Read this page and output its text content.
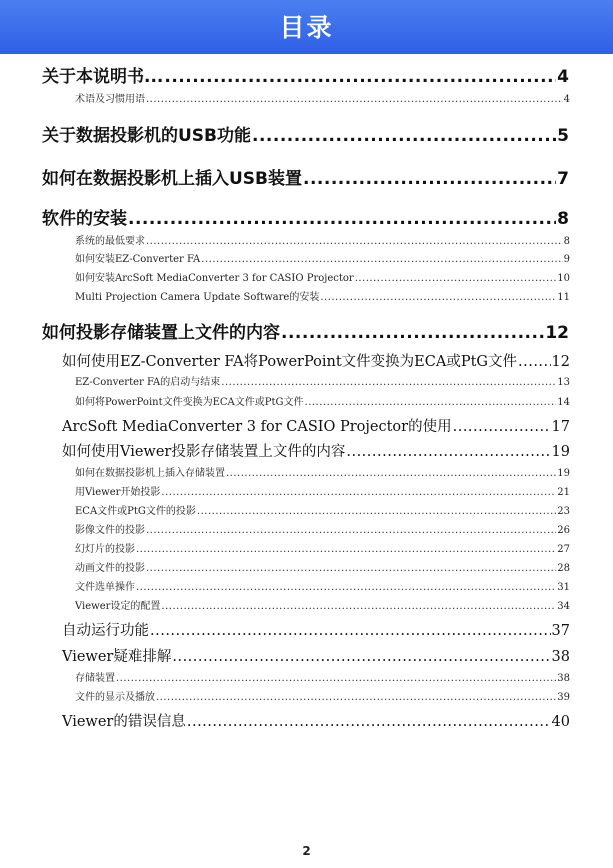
目录
关于本说明书... .....	4
术语及习惯用语 .....	4
关于数据投影机的USB功能 .....	5
如何在数据投影机上插入USB装置 .....	7
软件的安装 .....	8
系统的最低要求 .....	8
如何安装EZ-Converter FA .....	9
如何安装ArcSoft MediaConverter 3 for CASIO Projector .....	10
Multi Projection Camera Update Software的安装 .....	11
如何投影存储装置上文件的内容 .....	12
如何使用EZ-Converter FA将PowerPoint文件变换为ECA或PtG文件 ..... 12
EZ-Converter FA的启动与结束 .....	13
如何将PowerPoint文件变换为ECA文件或PtG文件 .....	14
ArcSoft MediaConverter 3 for CASIO Projector的使用 .....	17
如何使用Viewer投影存储装置上文件的内容 .....	19
如何在数据投影机上插入存储装置 .....	19
用Viewer开始投影 .....	21
ECA文件或PtG文件的投影 .....	23
影像文件的投影 .....	26
幻灯片的投影 .....	27
动画文件的投影 .....	28
文件选单操作 .....	31
Viewer设定的配置 .....	34
自动运行功能 .....	37
Viewer疑难排解 .....	38
存储装置 .....	38
文件的显示及播放 .....	39
Viewer的错误信息 .....	40
2
